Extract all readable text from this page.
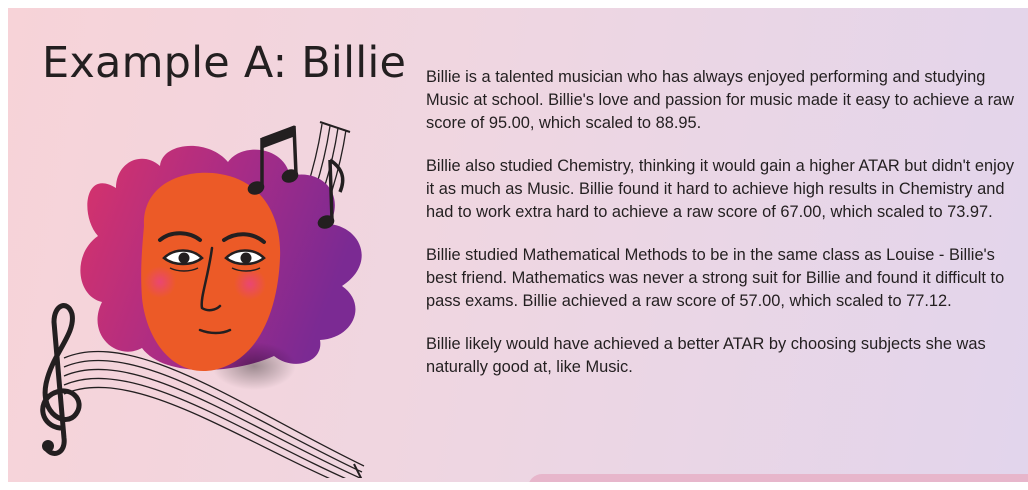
Example A: Billie Billie is a talented musician who has always enjoyed performing and studying Music at school. Billie's love and passion for music made it easy to achieve a raw score of 95.00, which scaled to 88.95.

Billie also studied Chemistry, thinking it would gain a higher ATAR but didn't enjoy it as much as Music. Billie found it hard to achieve high results in Chemistry and had to work extra hard to achieve a raw score of 67.00, which scaled to 73.97.

Billie studied Mathematical Methods to be in the same class as Louise - Billie's best friend. Mathematics was never a strong suit for Billie and found it difficult to pass exams. Billie achieved a raw score of 57.00, which scaled to 77.12.

Billie likely would have achieved a better ATAR by choosing subjects she was naturally good at, like Music.
